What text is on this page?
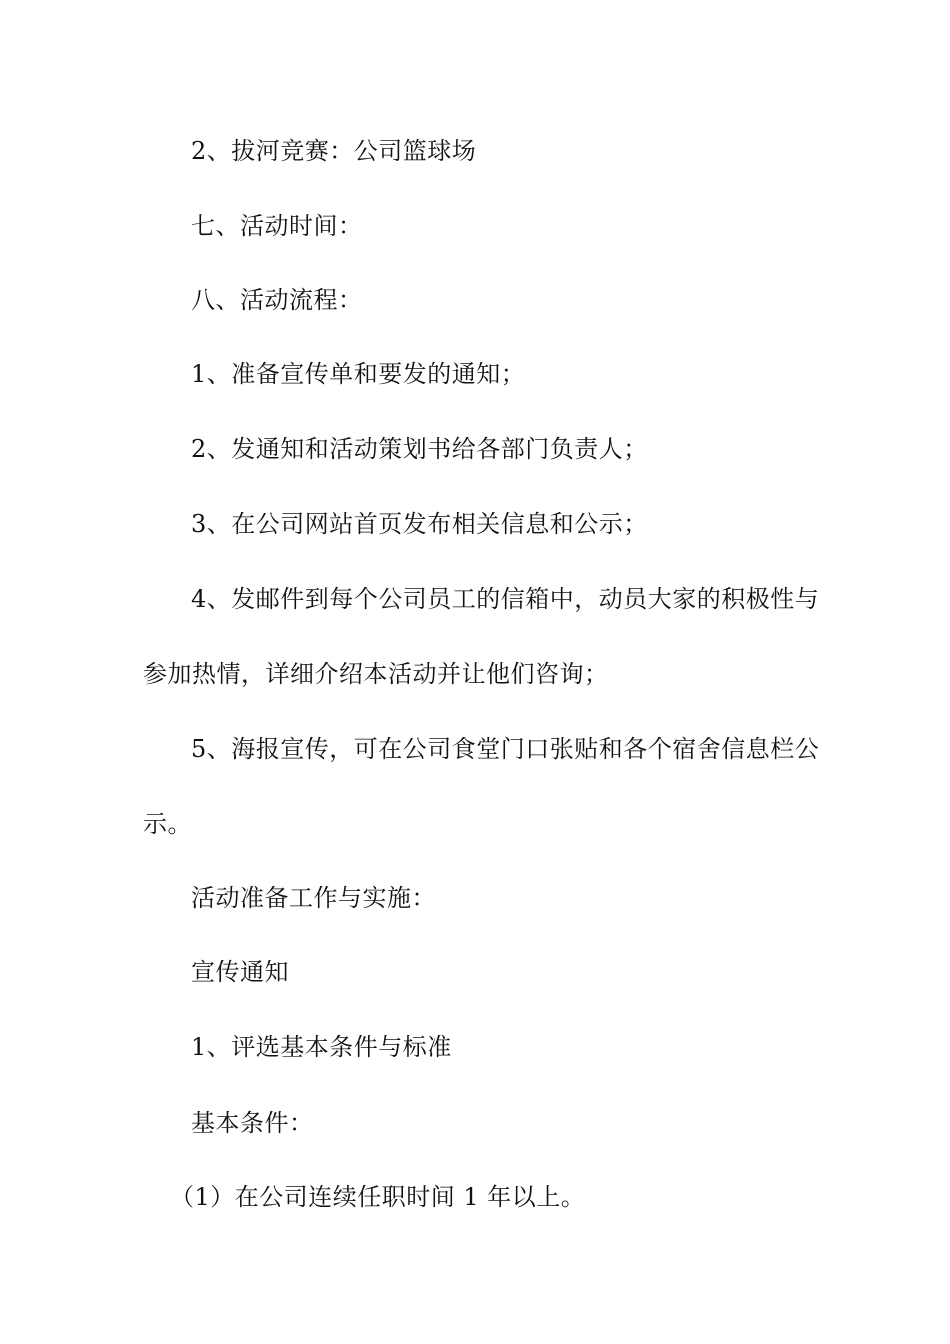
2、拔河竞赛：公司篮球场

七、活动时间：

八、活动流程：

1、准备宣传单和要发的通知；

2、发通知和活动策划书给各部门负责人；

3、在公司网站首页发布相关信息和公示；

4、发邮件到每个公司员工的信箱中，动员大家的积极性与

参加热情，详细介绍本活动并让他们咨询；

5、海报宣传，可在公司食堂门口张贴和各个宿舍信息栏公

示。

活动准备工作与实施：

宣传通知

1、评选基本条件与标准

基本条件：

（1）在公司连续任职时间 1 年以上。
